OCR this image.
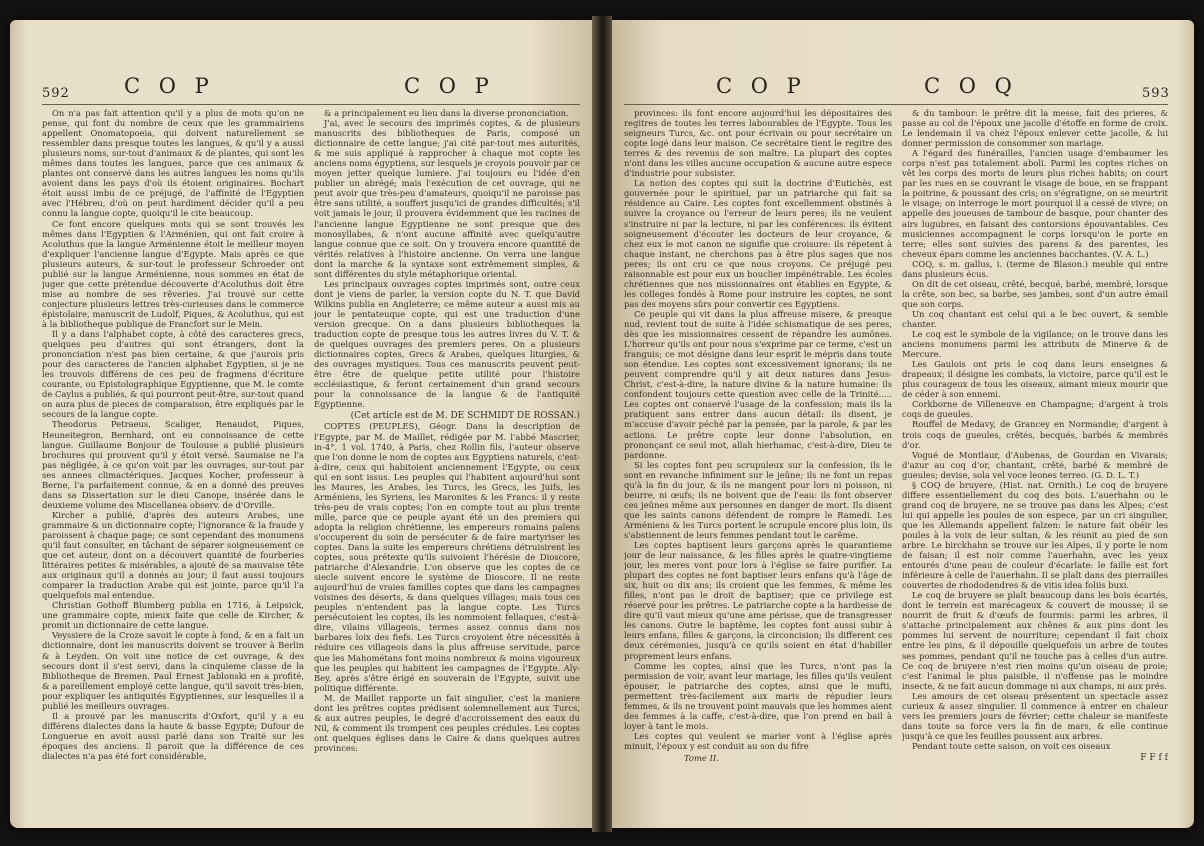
592	C O P	C O P

On n'a pas fait attention qu'il y a plus de mots qu'on ne pense, qui font du nombre de ceux que les grammairiens appellent Onomatopoeia, qui doivent naturellement se ressembler dans presque toutes les langues, & qu'il y a aussi plusieurs noms, sur-tout d'animaux & de plantes, qui sont les mêmes dans toutes les langues, parce que ces animaux & plantes ont conservé dans les autres langues les noms qu'ils avoient dans les pays d'où ils étoient originaires. Bochart étoit aussi imbu de ce préjugé, de l'affinité de l'Egyptien avec l'Hébreu, d'où on peut hardiment décider qu'il a peu connu la langue copte, quoiqu'il le cite beaucoup.

Ce font encore quelques mots qui se sont trouvés les mêmes dans l'Egyptien & l'Arménien, qui ont fait croire à Acoluthus que la langue Arménienne étoit le meilleur moyen d'expliquer l'ancienne langue d'Egypte. Mais après ce que plusieurs auteurs, & sur-tout le professeur Schroeder ont publié sur la langue Arménienne, nous sommes en état de juger que cette prétendue découverte d'Acoluthus doit être mise au nombre de ses rêveries. J'ai trouvé sur cette conjecture plusieurs lettres très-curieuses dans le commerce épistolaire, manuscrit de Ludolf, Piques, & Acoluthus, qui est à la bibliotheque publique de Francfort sur le Mein.

Il y a dans l'alphabet copte, à côté des caracteres grecs, quelques peu d'autres qui sont étrangers, dont la prononciation n'est pas bien certaine, & que j'aurois pris pour des caracteres de l'ancien alphabet Egyptien, si je ne les trouvois différens de ces peu de fragmens d'écriture courante, ou Epistolographique Egyptienne, que M. le comte de Caylus a publiés, & qui pourront peut-être, sur-tout quand on aura plus de pieces de comparaison, être expliqués par le secours de la langue copte.

Theodorus Petraeus, Scaliger, Renaudot, Piques, Heuneitegron, Bernhard, ont eu connoissance de cette langue. Guillaume Bonjour de Toulouse a publié plusieurs brochures qui prouvent qu'il y étoit versé. Saumaise ne l'a pas négligée, à ce qu'on voit par les ouvrages, sur-tout par ses annees climactériques. Jacques Kocher, professeur à Berne, l'a parfaitement connue, & en a donné des preuves dans sa Dissertation sur le dieu Canope, insérée dans le deuxieme volume des Miscellanea observ. de d'Orville.

Kircher a publié, d'après des auteurs Arabes, une grammaire & un dictionnaire copte; l'ignorance & la fraude y paroissent à chaque page; ce sont cependant des monumens qu'il faut consulter, en tâchant de séparer soigneusement ce que cet auteur, dont on a découvert quantité de fourberies littéraires petites & misérables, a ajouté de sa mauvaise tête aux originaux qu'il a donnés au jour; il faut aussi toujours comparer la traduction Arabe qui est jointe, parce qu'il l'a quelquefois mal entendue.

Christian Gothoff Blumberg publia en 1716, à Leipsick, une grammaire copte, mieux faite que celle de Kircher, & promit un dictionnaire de cette langue.

Veyssiere de la Croze savoit le copte à fond, & en a fait un dictionnaire, dont les manuscrits doivent se trouver à Berlin & à Leyden. On voit une notice de cet ouvrage, & des secours dont il s'est servi, dans la cinquieme classe de la Bibliotheque de Bremen. Paul Ernest Jablonski en a profité, & a pareillement employé cette langue, qu'il savoit très-bien, pour expliquer les antiquités Egyptiennes, sur lesquelles il a publié les meilleurs ouvrages.

Il a prouvé par les manuscrits d'Oxfort, qu'il y a eu différens dialectes dans la haute & basse Egypte; Dufour de Longuerue en avoit aussi parlé dans son Traité sur les époques des anciens. Il paroit que la différence de ces dialectes n'a pas été fort considérable,

& a principalement eu lieu dans la diverse prononciation.

J'ai, avec le secours des imprimés coptes, & de plusieurs manuscrits des bibliotheques de Paris, composé un dictionnaire de cette langue; j'ai cité par-tout mes autorités, & me suis appliqué à rapprocher à chaque mot copte les anciens noms égyptiens, sur lesquels je croyois pouvoir par ce moyen jetter quelque lumiere. J'ai toujours eu l'idée d'en publier un abrégé; mais l'exécution de cet ouvrage, qui ne peut avoir que très-peu d'amateurs, quoiqu'il ne paroisse pas être sans utilité, a souffert jusqu'ici de grandes difficultés; s'il voit jamais le jour, il prouvera évidemment que les racines de l'ancienne langue Egyptienne ne sont presque que des monosyllabes, & n'ont aucune affinité avec quelqu'autre langue connue que ce soit. On y trouvera encore quantité de vérités relatives à l'histoire ancienne. On verra une langue dont la marche & la syntaxe sont extrêmement simples, & sont différentes du style métaphorique oriental.

Les principaux ouvrages coptes imprimés sont, outre ceux dont je viens de parler, la version copte du N. T. que David Wilkins publia en Angleterre; ce même auteur a aussi mis au jour le pentateuque copte, qui est une traduction d'une version grecque. On a dans plusieurs bibliotheques la traduction copte de presque tous les autres livres du V. T. & de quelques ouvrages des premiers peres. On a plusieurs dictionnaires coptes, Grecs & Arabes, quelques liturgies, & des ouvrages mystiques. Tous ces manuscrits peuvent peut-être être de quelque petite utilité pour l'histoire ecclésiastique, & feront certainement d'un grand secours pour la connoissance de la langue & de l'antiquité Egyptienne.

(Cet article est de M. DE SCHMIDT DE ROSSAN.)

COPTES (PEUPLES), Géogr. Dans la description de l'Egypte, par M. de Maillet, rédigée par M. l'abbé Mascrier, in-4°. 1 vol. 1740, à Paris, chez Rollin fils, l'auteur observe que l'on donne le nom de coptes aux Egyptiens naturels, c'est-à-dire, ceux qui habitoient anciennement l'Egypte, ou ceux qui en sont issus. Les peuples qui l'habitent aujourd'hui sont les Maures, les Arabes, les Turcs, les Grecs, les Juifs, les Arméniens, les Syriens, les Maronites & les Francs: il y reste très-peu de vrais coptes; l'on en compte tout au plus trente mille, parce que ce peuple ayant été un des premiers qui adopta la religion chrétienne, les empereurs romains païens s'occuperent du soin de persécuter & de faire martyriser les coptes. Dans la suite les empereurs chrétiens détruisirent les coptes, sous prétexte qu'ils suivoient l'hérésie de Dioscore, patriarche d'Alexandrie. L'on observe que les coptes de ce siecle suivent encore le système de Dioscore. Il ne reste aujourd'hui de vraies familles coptes que dans les campagnes voisines des déserts, & dans quelques villages; mais tous ces peuples n'entendent pas la langue copte. Les Turcs persécutoient les coptes, ils les nommoient fellaques, c'est-à-dire, vilains villageois, termes assez connus dans nos barbares loix des fiefs. Les Turcs croyoient être nécessités à réduire ces villageois dans la plus affreuse servitude, parce que les Mahométans font moins nombreux & moins vigoureux que les peuples qui habitent les campagnes de l'Egypte. Aly-Bey, après s'être érigé en souverain de l'Egypte, suivit une politique différente.

M. de Maillet rapporte un fait singulier, c'est la maniere dont les prêtres coptes prédisent solemnellement aux Turcs, & aux autres peuples, le degré d'accroissement des eaux du Nil, & comment ils trompent ces peuples crédules. Les coptes ont quelques églises dans le Caire & dans quelques autres provinces:

C O P	C O Q	593

provinces: ils font encore aujourd'hui les dépositaires des regitres de toutes les terres labourables de l'Egypte. Tous les seigneurs Turcs, &c. ont pour écrivain ou pour secrétaire un copte logé dans leur maison. Ce secrétaire tient le regitre des terres & des revenus de son maître. La plupart des coptes n'ont dans les villes aucune occupation & aucune autre espece d'industrie pour subsister.

La notion des coptes qui suit la doctrine d'Eutichès, est gouvernée pour le spirituel, par un patriarche qui fait sa résidence au Caire. Les coptes font excellemment obstinés à suivre la croyance ou l'erreur de leurs peres; ils ne veulent s'instruire ni par la lecture, ni par les conférences: ils évitent soigneusement d'écouter les docteurs de leur croyance, & chez eux le mot canon ne signifie que croisure: ils répetent à chaque instant, ne cherchons pas à être plus sages que nos peres; ils ont cru ce que nous croyons. Ce préjugé peu raisonnable est pour eux un bouclier impénétrable. Les écoles chrétiennes que nos missionnaires ont établies en Egypte, & les colleges fondés à Rome pour instruire les coptes, ne sont pas des moyens sûrs pour convertir ces Egyptiens.

Ce peuple qui vit dans la plus affreuse misere, & presque nud, revient tout de suite à l'idée schismatique de ses peres, dès que les missionnaires cessent de répandre les aumônes. L'horreur qu'ils ont pour nous s'exprime par ce terme, c'est un franguis; ce mot désigne dans leur esprit le mépris dans toute son étendue. Les coptes sont excessivement ignorans; ils ne peuvent comprendre qu'il y ait deux natures dans Jesus-Christ, c'est-à-dire, la nature divine & la nature humaine: ils confondent toujours cette question avec celle de la Trinité..... Les coptes ont conservé l'usage de la confession; mais ils la pratiquent sans entrer dans aucun détail: ils disent, je m'accuse d'avoir péché par la pensée, par la parole, & par les actions. Le prêtre copte leur donne l'absolution, en prononçant ce seul mot, allah hierhamac, c'est-à-dire, Dieu te pardonne.

Si les coptes font peu scrupuleux sur la confession, ils le sont en revanche infiniment sur le jeûne; ils ne font un repas qu'à la fin du jour, & ils ne mangent pour lors ni poisson, ni beurre, ni œufs; ils ne boivent que de l'eau: ils font observer ces jeûnes même aux personnes en danger de mort. Ils disent que les saints canons défendent de rompre le Ramedi. Les Arméniens & les Turcs portent le scrupule encore plus loin, ils s'abstiennent de leurs femmes pendant tout le carême.

Les coptes baptisent leurs garçons après le quarantieme jour de leur naissance, & les filles après le quatre-vingtieme jour, les meres vont pour lors à l'église se faire purifier. La plupart des coptes ne font baptiser leurs enfans qu'à l'âge de six, huit ou dix ans; ils croient que les femmes, & même les filles, n'ont pas le droit de baptiser; que ce privilege est réservé pour les prêtres. Le patriarche copte a la hardiesse de dire qu'il vaut mieux qu'une ame périsse, que de transgresser les canons. Outre le baptême, les coptes font aussi subir à leurs enfans, filles & garçons, la circoncision; ils different ces deux cérémonies, jusqu'à ce qu'ils soient en état d'habiller proprement leurs enfans.

Comme les coptes, ainsi que les Turcs, n'ont pas la permission de voir, avant leur mariage, les filles qu'ils veulent épouser, le patriarche des coptes, ainsi que le mufti, permettent très-facilement aux maris de répudier leurs femmes, & ils ne trouvent point mauvais que les hommes aient des femmes à la caffe, c'est-à-dire, que l'on prend en bail à loyer à tant le mois.

Les coptes qui veulent se marier vont à l'église après minuit, l'époux y est conduit au son du fifre

Tome II.

& du tambour: le prêtre dit la messe, fait des prieres, & passe au col de l'époux une jacolle d'étoffe en forme de croix. Le lendemain il va chez l'époux enlever cette jacolle, & lui donner permission de consommer son mariage.

A l'égard des funérailles, l'ancien usage d'embaumer les corps n'est pas totalement aboli. Parmi les coptes riches on vêt les corps des morts de leurs plus riches habits; on court par les rues en se couvrant le visage de boue, en se frappant la poitrine, & poussant des cris; on s'égratigne, on se meurtrit le visage; on interroge le mort pourquoi il a cessé de vivre; on appelle des joueuses de tambour de basque, pour chanter des airs lugubres, en faisant des contorsions épouvantables. Ces musiciennes accompagnent le corps lorsqu'on le porte en terre; elles sont suivies des parens & des parentes, les cheveux épars comme les anciennes bacchantes. (V. A. L.)

COQ, s. m. gallus, i. (terme de Blason.) meuble qui entre dans plusieurs écus.

On dit de cet oiseau, crêté, becqué, barbé, membré, lorsque la crête, son bec, sa barbe, ses jambes, sont d'un autre émail que son corps.

Un coq chantant est celui qui a le bec ouvert, & semble chanter.

Le coq est le symbole de la vigilance; on le trouve dans les anciens monumens parmi les attributs de Minerve & de Mercure.

Les Gaulois ont pris le coq dans leurs enseignes & drapeaux; il désigne les combats, la victoire, parce qu'il est le plus courageux de tous les oiseaux, aimant mieux mourir que de céder à son ennemi.

Corkborne de Villeneuve en Champagne; d'argent à trois coqs de gueules.

Rouffel de Medavy, de Grancey en Normandie; d'argent à trois coqs de gueules, crêtés, becqués, barbés & membrés d'or.

Vogué de Montlaur, d'Aubenas, de Gourdan en Vivarais; d'azur au coq d'or, chantant, crêté, barbé & membré de gueules; devise, sola vel voce leones terreo. (G. D. L. T.)

§ COQ de bruyere, (Hist. nat. Ornith.) Le coq de bruyere differe essentiellement du coq des bois. L'auerhahn ou le grand coq de bruyere, ne se trouve pas dans les Alpes; c'est lui qui appelle les poules de son espece, par un cri singulier, que les Allemands appellent falzen: le nature fait obéir les poules à la voix de leur sultan, & les réunit au pied de son arbre. Le birckhahn se trouve sur les Alpes, il y porte le nom de faisan; il est noir comme l'auerhahn, avec les yeux entourés d'une peau de couleur d'écarlate: le faille est fort inférieure à celle de l'auerhahn. Il se plaît dans des pierrailles couvertes de rhododendres & de vitis idea foliis buxi.

Le coq de bruyere se plaît beaucoup dans les bois écartés, dont le terrein est marécageux & couvert de mousse; il se nourrit de fruit & d'œufs de fourmis: parmi les arbres, il s'attache principalement aux chênes & aux pins dont les pommes lui servent de nourriture; cependant il fait choix entre les pins, & il dépouille quelquefois un arbre de toutes ses pommes, pendant qu'il ne touche pas à celles d'un autre. Ce coq de bruyere n'est rien moins qu'un oiseau de proie; c'est l'animal le plus paisible, il n'offense pas le moindre insecte, & ne fait aucun dommage ni aux champs, ni aux prés.

Les amours de cet oiseau présentent un spectacle assez curieux & assez singulier. Il commence à entrer en chaleur vers les premiers jours de février; cette chaleur se manifeste dans toute sa force vers la fin de mars, & elle continue jusqu'à ce que les feuilles poussent aux arbres.

Pendant toute cette saison, on voit ces oiseaux

F F f f
